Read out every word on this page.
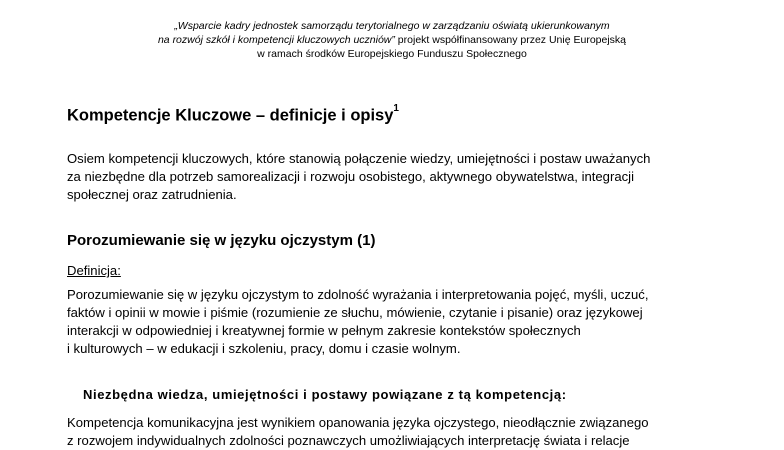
„Wsparcie kadry jednostek samorządu terytorialnego w zarządzaniu oświatą ukierunkowanym
na rozwój szkół i kompetencji kluczowych uczniów” projekt współfinansowany przez Unię Europejską
w ramach środków Europejskiego Funduszu Społecznego
Kompetencje Kluczowe – definicje i opisy$^1$
Osiem kompetencji kluczowych, które stanowią połączenie wiedzy, umiejętności i postaw uważanych
za niezbędne dla potrzeb samorealizacji i rozwoju osobistego, aktywnego obywatelstwa, integracji
społecznej oraz zatrudnienia.
Porozumiewanie się w języku ojczystym (1)
Definicja:
Porozumiewanie się w języku ojczystym to zdolność wyrażania i interpretowania pojęć, myśli, uczuć,
faktów i opinii w mowie i piśmie (rozumienie ze słuchu, mówienie, czytanie i pisanie) oraz językowej
interakcji w odpowiedniej i kreatywnej formie w pełnym zakresie kontekstów społecznych
i kulturowych – w edukacji i szkoleniu, pracy, domu i czasie wolnym.
Niezbędna wiedza, umiejętności i postawy powiązane z tą kompetencją:
Kompetencja komunikacyjna jest wynikiem opanowania języka ojczystego, nieodłącznie związanego
z rozwojem indywidualnych zdolności poznawczych umożliwiających interpretację świata i relacje
